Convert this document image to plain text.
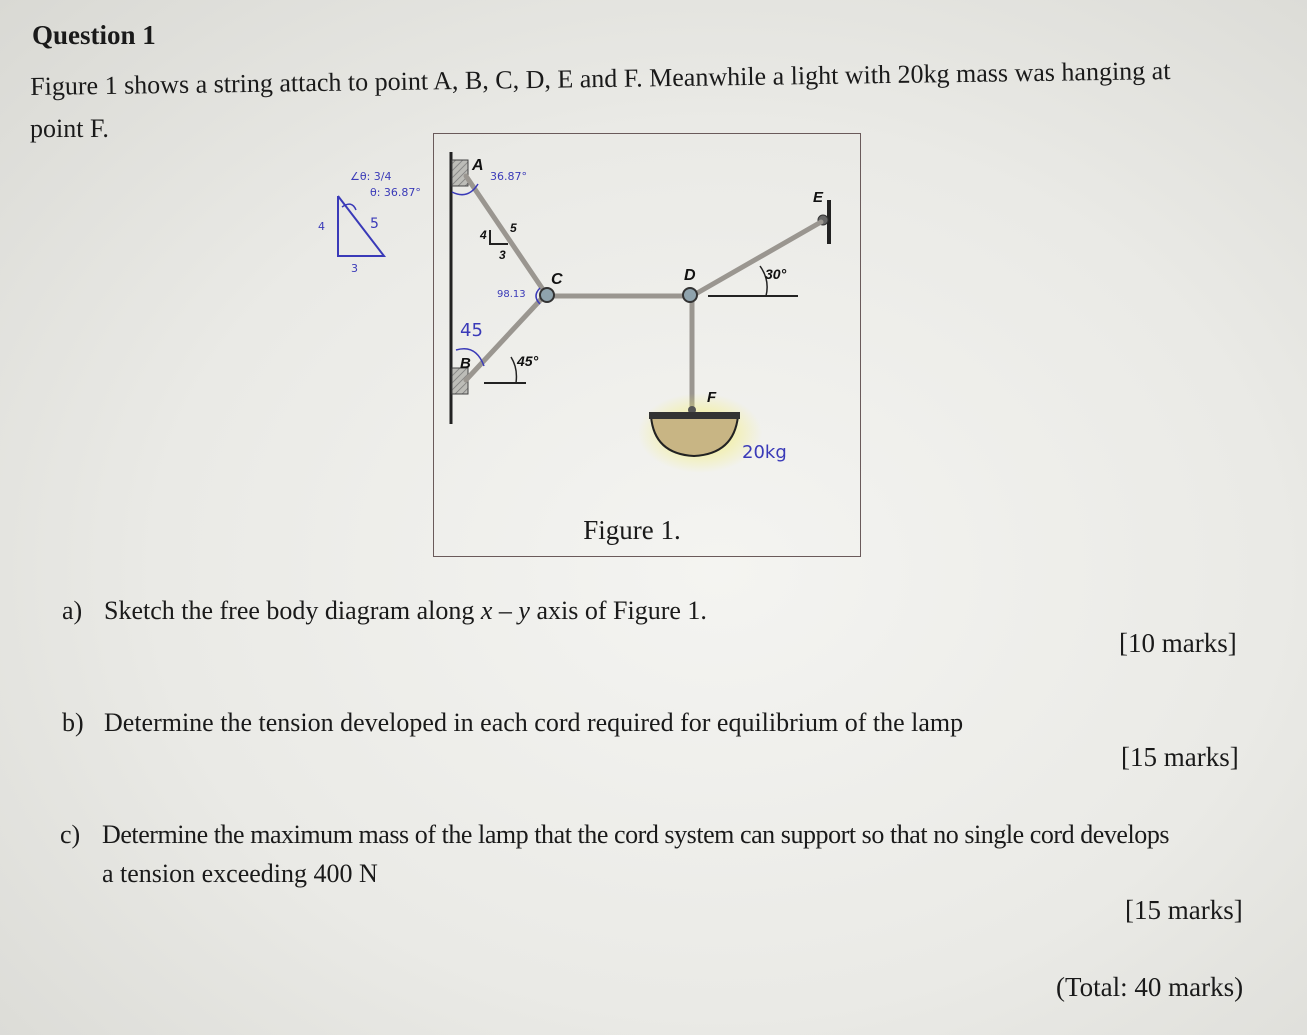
Question 1
Figure 1 shows a string attach to point A, B, C, D, E and F. Meanwhile a light with 20kg mass was hanging at
point F.
∠θ: 3/4
θ: 36.87°
4	5
3
A
B
C	D
E
F
4
3
5
45°
30°
36.87°
98.13
45
20kg
Figure 1.
a) Sketch the free body diagram along x – y axis of Figure 1.
[10 marks]
b) Determine the tension developed in each cord required for equilibrium of the lamp
[15 marks]
c) Determine the maximum mass of the lamp that the cord system can support so that no single cord develops
a tension exceeding 400 N
[15 marks]
(Total: 40 marks)
